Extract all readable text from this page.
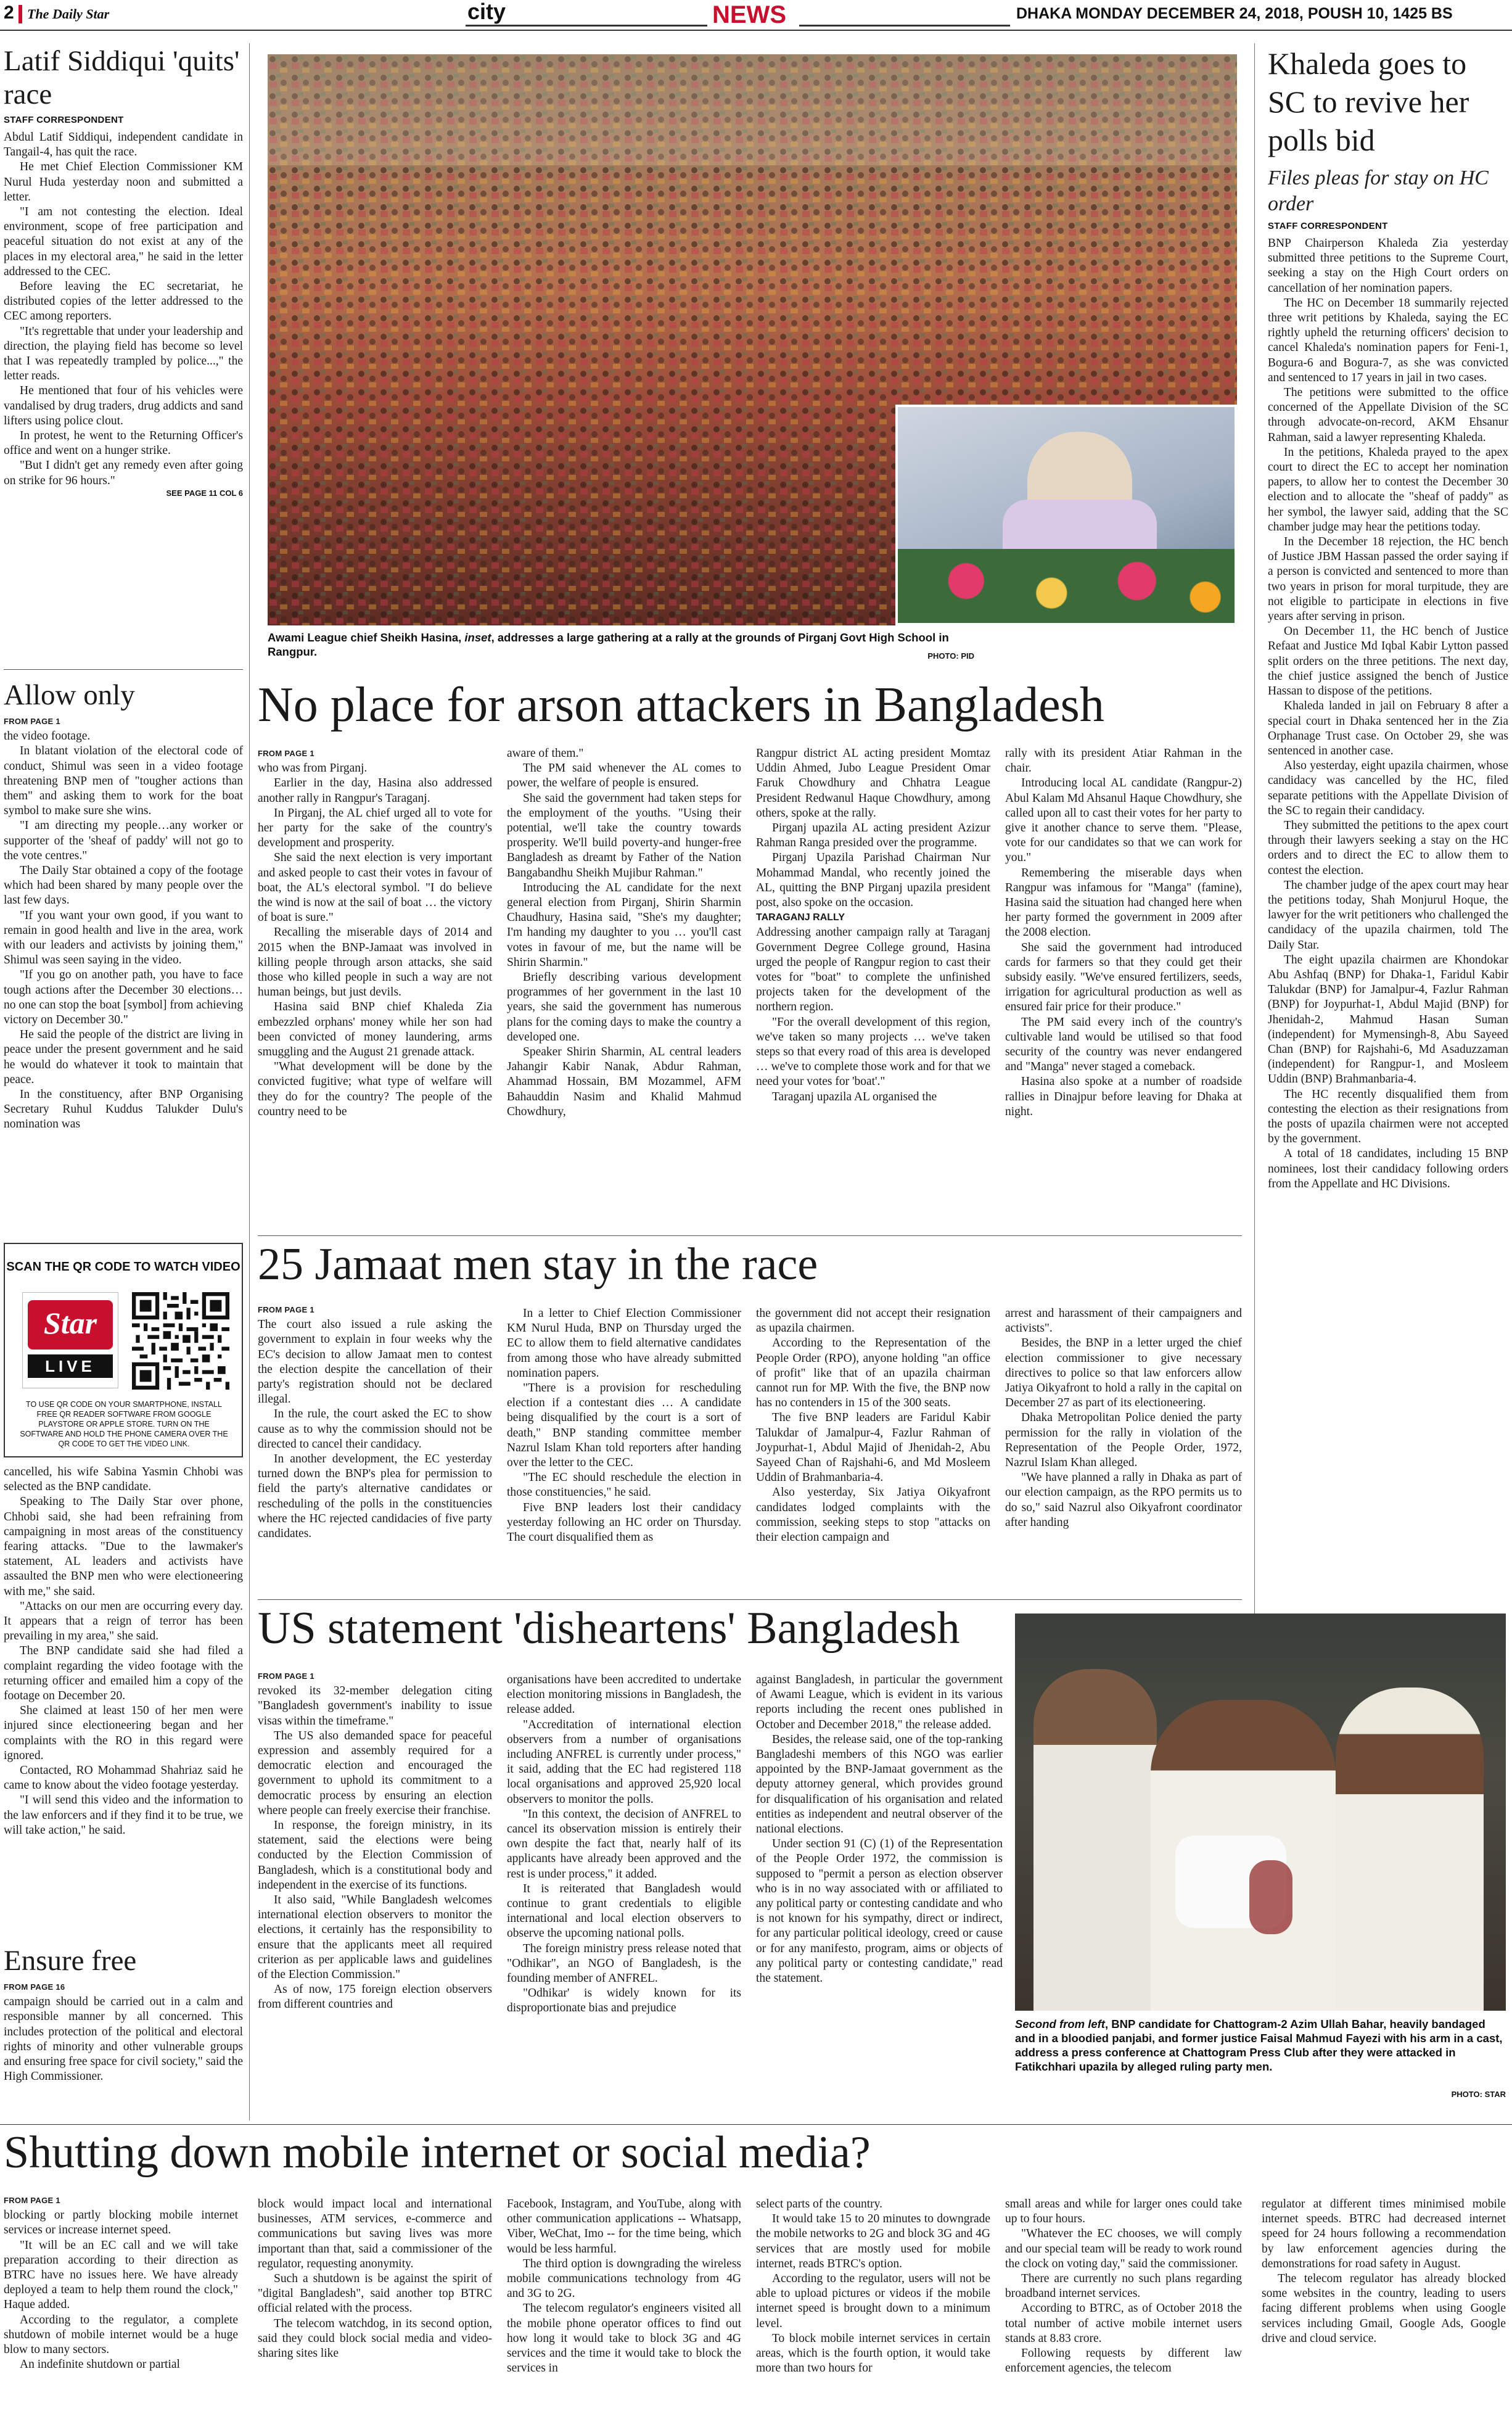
2 The Daily Star	city	NEWS	DHAKA MONDAY DECEMBER 24, 2018, POUSH 10, 1425 BS
Latif Siddiqui 'quits' race
STAFF CORRESPONDENT

Abdul Latif Siddiqui, independent candidate in Tangail-4, has quit the race.

He met Chief Election Commissioner KM Nurul Huda yesterday noon and submitted a letter.

"I am not contesting the election. Ideal environment, scope of free participation and peaceful situation do not exist at any of the places in my electoral area," he said in the letter addressed to the CEC.

Before leaving the EC secretariat, he distributed copies of the letter addressed to the CEC among reporters.

"It's regrettable that under your leadership and direction, the playing field has become so level that I was repeatedly trampled by police...," the letter reads.

He mentioned that four of his vehicles were vandalised by drug traders, drug addicts and sand lifters using police clout.

In protest, he went to the Returning Officer's office and went on a hunger strike.

"But I didn't get any remedy even after going on strike for 96 hours."

SEE PAGE 11 COL 6
Allow only
FROM PAGE 1

the video footage.

In blatant violation of the electoral code of conduct, Shimul was seen in a video footage threatening BNP men of "tougher actions than them" and asking them to work for the boat symbol to make sure she wins.

"I am directing my people…any worker or supporter of the 'sheaf of paddy' will not go to the vote centres."

The Daily Star obtained a copy of the footage which had been shared by many people over the last few days.

"If you want your own good, if you want to remain in good health and live in the area, work with our leaders and activists by joining them," Shimul was seen saying in the video.

"If you go on another path, you have to face tough actions after the December 30 elections… no one can stop the boat [symbol] from achieving victory on December 30."

He said the people of the district are living in peace under the present government and he said he would do whatever it took to maintain that peace.

In the constituency, after BNP Organising Secretary Ruhul Kuddus Talukder Dulu's nomination was

SCAN THE QR CODE TO WATCH VIDEO
Star
LIVE
TO USE QR CODE ON YOUR SMARTPHONE, INSTALL FREE QR READER SOFTWARE FROM GOOGLE PLAYSTORE OR APPLE STORE. TURN ON THE SOFTWARE AND HOLD THE PHONE CAMERA OVER THE QR CODE TO GET THE VIDEO LINK.

cancelled, his wife Sabina Yasmin Chhobi was selected as the BNP candidate.

Speaking to The Daily Star over phone, Chhobi said, she had been refraining from campaigning in most areas of the constituency fearing attacks. "Due to the lawmaker's statement, AL leaders and activists have assaulted the BNP men who were electioneering with me," she said.

"Attacks on our men are occurring every day. It appears that a reign of terror has been prevailing in my area," she said.

The BNP candidate said she had filed a complaint regarding the video footage with the returning officer and emailed him a copy of the footage on December 20.

She claimed at least 150 of her men were injured since electioneering began and her complaints with the RO in this regard were ignored.

Contacted, RO Mohammad Shahriaz said he came to know about the video footage yesterday.

"I will send this video and the information to the law enforcers and if they find it to be true, we will take action," he said.

Ensure free
FROM PAGE 16

campaign should be carried out in a calm and responsible manner by all concerned. This includes protection of the political and electoral rights of minority and other vulnerable groups and ensuring free space for civil society," said the High Commissioner.

Awami League chief Sheikh Hasina, inset, addresses a large gathering at a rally at the grounds of Pirganj Govt High School in Rangpur.	PHOTO: PID
Khaleda goes to SC to revive her polls bid
Files pleas for stay on HC order
STAFF CORRESPONDENT

BNP Chairperson Khaleda Zia yesterday submitted three petitions to the Supreme Court, seeking a stay on the High Court orders on cancellation of her nomination papers.

The HC on December 18 summarily rejected three writ petitions by Khaleda, saying the EC rightly upheld the returning officers' decision to cancel Khaleda's nomination papers for Feni-1, Bogura-6 and Bogura-7, as she was convicted and sentenced to 17 years in jail in two cases.

The petitions were submitted to the office concerned of the Appellate Division of the SC through advocate-on-record, AKM Ehsanur Rahman, said a lawyer representing Khaleda.

In the petitions, Khaleda prayed to the apex court to direct the EC to accept her nomination papers, to allow her to contest the December 30 election and to allocate the "sheaf of paddy" as her symbol, the lawyer said, adding that the SC chamber judge may hear the petitions today.

In the December 18 rejection, the HC bench of Justice JBM Hassan passed the order saying if a person is convicted and sentenced to more than two years in prison for moral turpitude, they are not eligible to participate in elections in five years after serving in prison.

On December 11, the HC bench of Justice Refaat and Justice Md Iqbal Kabir Lytton passed split orders on the three petitions. The next day, the chief justice assigned the bench of Justice Hassan to dispose of the petitions.

Khaleda landed in jail on February 8 after a special court in Dhaka sentenced her in the Zia Orphanage Trust case. On October 29, she was sentenced in another case.

Also yesterday, eight upazila chairmen, whose candidacy was cancelled by the HC, filed separate petitions with the Appellate Division of the SC to regain their candidacy.

They submitted the petitions to the apex court through their lawyers seeking a stay on the HC orders and to direct the EC to allow them to contest the election.

The chamber judge of the apex court may hear the petitions today, Shah Monjurul Hoque, the lawyer for the writ petitioners who challenged the candidacy of the upazila chairmen, told The Daily Star.

The eight upazila chairmen are Khondokar Abu Ashfaq (BNP) for Dhaka-1, Faridul Kabir Talukdar (BNP) for Jamalpur-4, Fazlur Rahman (BNP) for Joypurhat-1, Abdul Majid (BNP) for Jhenidah-2, Mahmud Hasan Suman (independent) for Mymensingh-8, Abu Sayeed Chan (BNP) for Rajshahi-6, Md Asaduzzaman (independent) for Rangpur-1, and Mosleem Uddin (BNP) Brahmanbaria-4.

The HC recently disqualified them from contesting the election as their resignations from the posts of upazila chairmen were not accepted by the government.

A total of 18 candidates, including 15 BNP nominees, lost their candidacy following orders from the Appellate and HC Divisions.

No place for arson attackers in Bangladesh
FROM PAGE 1

who was from Pirganj.

Earlier in the day, Hasina also addressed another rally in Rangpur's Taraganj.

In Pirganj, the AL chief urged all to vote for her party for the sake of the country's development and prosperity.

She said the next election is very important and asked people to cast their votes in favour of boat, the AL's electoral symbol. "I do believe the wind is now at the sail of boat … the victory of boat is sure."

Recalling the miserable days of 2014 and 2015 when the BNP-Jamaat was involved in killing people through arson attacks, she said those who killed people in such a way are not human beings, but just devils.

Hasina said BNP chief Khaleda Zia embezzled orphans' money while her son had been convicted of money laundering, arms smuggling and the August 21 grenade attack.

"What development will be done by the convicted fugitive; what type of welfare will they do for the country? The people of the country need to be

aware of them."

The PM said whenever the AL comes to power, the welfare of people is ensured.

She said the government had taken steps for the employment of the youths. "Using their potential, we'll take the country towards prosperity. We'll build poverty-and hunger-free Bangladesh as dreamt by Father of the Nation Bangabandhu Sheikh Mujibur Rahman."

Introducing the AL candidate for the next general election from Pirganj, Shirin Sharmin Chaudhury, Hasina said, "She's my daughter; I'm handing my daughter to you … you'll cast votes in favour of me, but the name will be Shirin Sharmin."

Briefly describing various development programmes of her government in the last 10 years, she said the government has numerous plans for the coming days to make the country a developed one.

Speaker Shirin Sharmin, AL central leaders Jahangir Kabir Nanak, Abdur Rahman, Ahammad Hossain, BM Mozammel, AFM Bahauddin Nasim and Khalid Mahmud Chowdhury,

Rangpur district AL acting president Momtaz Uddin Ahmed, Jubo League President Omar Faruk Chowdhury and Chhatra League President Redwanul Haque Chowdhury, among others, spoke at the rally.

Pirganj upazila AL acting president Azizur Rahman Ranga presided over the programme.

Pirganj Upazila Parishad Chairman Nur Mohammad Mandal, who recently joined the AL, quitting the BNP Pirganj upazila president post, also spoke on the occasion.

TARAGANJ RALLY

Addressing another campaign rally at Taraganj Government Degree College ground, Hasina urged the people of Rangpur region to cast their votes for "boat" to complete the unfinished projects taken for the development of the northern region.

"For the overall development of this region, we've taken so many projects … we've taken steps so that every road of this area is developed … we've to complete those work and for that we need your votes for 'boat'."

Taraganj upazila AL organised the

rally with its president Atiar Rahman in the chair.

Introducing local AL candidate (Rangpur-2) Abul Kalam Md Ahsanul Haque Chowdhury, she called upon all to cast their votes for her party to give it another chance to serve them. "Please, vote for our candidates so that we can work for you."

Remembering the miserable days when Rangpur was infamous for "Manga" (famine), Hasina said the situation had changed here when her party formed the government in 2009 after the 2008 election.

She said the government had introduced cards for farmers so that they could get their subsidy easily. "We've ensured fertilizers, seeds, irrigation for agricultural production as well as ensured fair price for their produce."

The PM said every inch of the country's cultivable land would be utilised so that food security of the country was never endangered and "Manga" never staged a comeback.

Hasina also spoke at a number of roadside rallies in Dinajpur before leaving for Dhaka at night.

25 Jamaat men stay in the race
FROM PAGE 1

The court also issued a rule asking the government to explain in four weeks why the EC's decision to allow Jamaat men to contest the election despite the cancellation of their party's registration should not be declared illegal.

In the rule, the court asked the EC to show cause as to why the commission should not be directed to cancel their candidacy.

In another development, the EC yesterday turned down the BNP's plea for permission to field the party's alternative candidates or rescheduling of the polls in the constituencies where the HC rejected candidacies of five party candidates.

In a letter to Chief Election Commissioner KM Nurul Huda, BNP on Thursday urged the EC to allow them to field alternative candidates from among those who have already submitted nomination papers.

"There is a provision for rescheduling election if a contestant dies … A candidate being disqualified by the court is a sort of death," BNP standing committee member Nazrul Islam Khan told reporters after handing over the letter to the CEC.

"The EC should reschedule the election in those constituencies," he said.

Five BNP leaders lost their candidacy yesterday following an HC order on Thursday. The court disqualified them as

the government did not accept their resignation as upazila chairmen.

According to the Representation of the People Order (RPO), anyone holding "an office of profit" like that of an upazila chairman cannot run for MP. With the five, the BNP now has no contenders in 15 of the 300 seats.

The five BNP leaders are Faridul Kabir Talukdar of Jamalpur-4, Fazlur Rahman of Joypurhat-1, Abdul Majid of Jhenidah-2, Abu Sayeed Chan of Rajshahi-6, and Md Mosleem Uddin of Brahmanbaria-4.

Also yesterday, Six Jatiya Oikyafront candidates lodged complaints with the commission, seeking steps to stop "attacks on their election campaign and

arrest and harassment of their campaigners and activists".

Besides, the BNP in a letter urged the chief election commissioner to give necessary directives to police so that law enforcers allow Jatiya Oikyafront to hold a rally in the capital on December 27 as part of its electioneering.

Dhaka Metropolitan Police denied the party permission for the rally in violation of the Representation of the People Order, 1972, Nazrul Islam Khan alleged.

"We have planned a rally in Dhaka as part of our election campaign, as the RPO permits us to do so," said Nazrul also Oikyafront coordinator after handing

US statement 'disheartens' Bangladesh
FROM PAGE 1

revoked its 32-member delegation citing "Bangladesh government's inability to issue visas within the timeframe."

The US also demanded space for peaceful expression and assembly required for a democratic election and encouraged the government to uphold its commitment to a democratic process by ensuring an election where people can freely exercise their franchise.

In response, the foreign ministry, in its statement, said the elections were being conducted by the Election Commission of Bangladesh, which is a constitutional body and independent in the exercise of its functions.

It also said, "While Bangladesh welcomes international election observers to monitor the elections, it certainly has the responsibility to ensure that the applicants meet all required criterion as per applicable laws and guidelines of the Election Commission."

As of now, 175 foreign election observers from different countries and

organisations have been accredited to undertake election monitoring missions in Bangladesh, the release added.

"Accreditation of international election observers from a number of organisations including ANFREL is currently under process," it said, adding that the EC had registered 118 local organisations and approved 25,920 local observers to monitor the polls.

"In this context, the decision of ANFREL to cancel its observation mission is entirely their own despite the fact that, nearly half of its applicants have already been approved and the rest is under process," it added.

It is reiterated that Bangladesh would continue to grant credentials to eligible international and local election observers to observe the upcoming national polls.

The foreign ministry press release noted that "Odhikar", an NGO of Bangladesh, is the founding member of ANFREL.

"Odhikar' is widely known for its disproportionate bias and prejudice

against Bangladesh, in particular the government of Awami League, which is evident in its various reports including the recent ones published in October and December 2018," the release added.

Besides, the release said, one of the top-ranking Bangladeshi members of this NGO was earlier appointed by the BNP-Jamaat government as the deputy attorney general, which provides ground for disqualification of his organisation and related entities as independent and neutral observer of the national elections.

Under section 91 (C) (1) of the Representation of the People Order 1972, the commission is supposed to "permit a person as election observer who is in no way associated with or affiliated to any political party or contesting candidate and who is not known for his sympathy, direct or indirect, for any particular political ideology, creed or cause or for any manifesto, program, aims or objects of any political party or contesting candidate," read the statement.

Second from left, BNP candidate for Chattogram-2 Azim Ullah Bahar, heavily bandaged and in a bloodied panjabi, and former justice Faisal Mahmud Fayezi with his arm in a cast, address a press conference at Chattogram Press Club after they were attacked in Fatikchhari upazila by alleged ruling party men.
PHOTO: STAR
Shutting down mobile internet or social media?
FROM PAGE 1

blocking or partly blocking mobile internet services or increase internet speed.

"It will be an EC call and we will take preparation according to their direction as BTRC have no issues here. We have already deployed a team to help them round the clock," Haque added.

According to the regulator, a complete shutdown of mobile internet would be a huge blow to many sectors.

An indefinite shutdown or partial

block would impact local and international businesses, ATM services, e-commerce and communications but saving lives was more important than that, said a commissioner of the regulator, requesting anonymity.

Such a shutdown is be against the spirit of "digital Bangladesh", said another top BTRC official related with the process.

The telecom watchdog, in its second option, said they could block social media and video-sharing sites like

Facebook, Instagram, and YouTube, along with other communication applications -- Whatsapp, Viber, WeChat, Imo -- for the time being, which would be less harmful.

The third option is downgrading the wireless mobile communications technology from 4G and 3G to 2G.

The telecom regulator's engineers visited all the mobile phone operator offices to find out how long it would take to block 3G and 4G services and the time it would take to block the services in

select parts of the country.

It would take 15 to 20 minutes to downgrade the mobile networks to 2G and block 3G and 4G services that are mostly used for mobile internet, reads BTRC's option.

According to the regulator, users will not be able to upload pictures or videos if the mobile internet speed is brought down to a minimum level.

To block mobile internet services in certain areas, which is the fourth option, it would take more than two hours for

small areas and while for larger ones could take up to four hours.

"Whatever the EC chooses, we will comply and our special team will be ready to work round the clock on voting day," said the commissioner.

There are currently no such plans regarding broadband internet services.

According to BTRC, as of October 2018 the total number of active mobile internet users stands at 8.83 crore.

Following requests by different law enforcement agencies, the telecom

regulator at different times minimised mobile internet speeds. BTRC had decreased internet speed for 24 hours following a recommendation by law enforcement agencies during the demonstrations for road safety in August.

The telecom regulator has already blocked some websites in the country, leading to users facing different problems when using Google services including Gmail, Google Ads, Google drive and cloud service.
